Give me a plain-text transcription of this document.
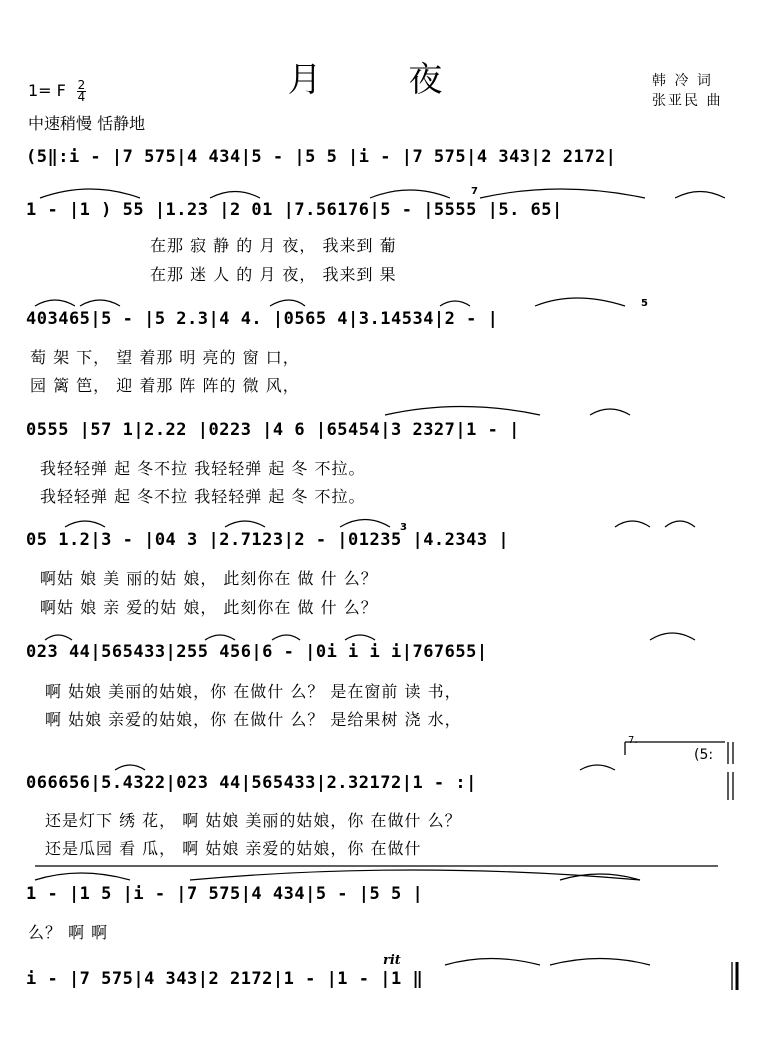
月 夜
1= F $\frac{2}{4}$
中速稍慢 恬静地
韩 冷 词
张亚民 曲
(5‖:i - |7 575|4 434|5 - |5 5 |i - |7 575|4 343|2 2172|
1 - |1 ) 55 |1.23 |2 01 |7.56176|5 - |5555 |5. 65|
在那 寂 静 的 月 夜， 我来到 葡
在那 迷 人 的 月 夜， 我来到 果
403465|5 - |5 2.3|4 4. |0565 4|3.14534|2 - |
萄 架 下， 望 着那 明 亮的 窗 口，
园 篱 笆， 迎 着那 阵 阵的 微 风，
0555 |57 1|2.22 |0223 |4 6 |65454|3 2327|1 - |
我轻轻弹 起 冬不拉 我轻轻弹 起 冬 不拉。
我轻轻弹 起 冬不拉 我轻轻弹 起 冬 不拉。
05 1.2|3 - |04 3 |2.7123|2 - |01235 |4.2343 |
啊姑 娘 美 丽的姑 娘， 此刻你在 做 什 么？
啊姑 娘 亲 爱的姑 娘， 此刻你在 做 什 么？
023 44|565433|255 456|6 - |0i i i i|767655|
啊 姑娘 美丽的姑娘，你 在做什 么？ 是在窗前 读 书，
啊 姑娘 亲爱的姑娘，你 在做什 么？ 是给果树 浇 水，
(5:
066656|5.4322|023 44|565433|2.32172|1 - :|
还是灯下 绣 花， 啊 姑娘 美丽的姑娘，你 在做什 么？
还是瓜园 看 瓜， 啊 姑娘 亲爱的姑娘，你 在做什
1 - |1 5 |i - |7 575|4 434|5 - |5 5 |
么？ 啊 啊
rit
i - |7 575|4 343|2 2172|1 - |1 - |1 ‖
7.
7
5
3
